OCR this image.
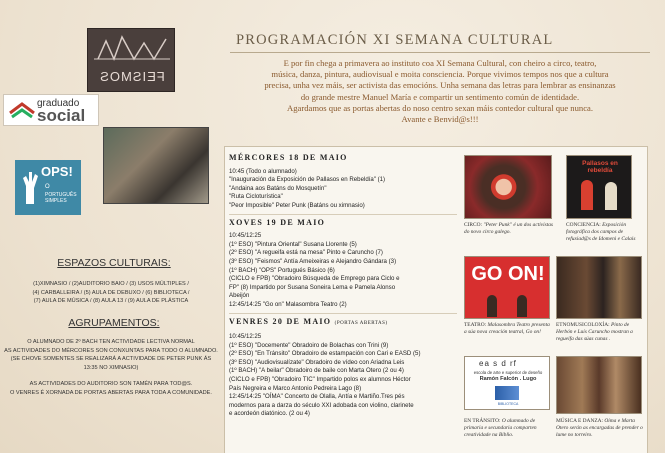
FEISMOS
graduado
social
OPS!
O
PORTUGUÊS
SIMPLES
ESPAZOS CULTURAIS:
(1)XIMNASIO / (2)AUDITORIO BAIO / (3) USOS MÚLTIPLES /
(4) CARBALLEIRA / (5) AULA DE DEBUXO / (6) BIBLIOTECA /
(7) AULA DE MÚSICA / (8) AULA 13 / (9) AULA DE PLÁSTICA
AGRUPAMENTOS:
O ALUMNADO DE 2º BACH TEN ACTIVIDADE LECTIVA NORMAL
AS ACTIVIDADES DO MÉRCORES SON CONXUNTAS PARA TODO O ALUMNADO.
(SE CHOVE SOMENTES SE REALIZARÁ A ACTIVIDADE DE PETER PUNK ÁS 13:35 NO XIMNASIO)
AS ACTIVIDADES DO AUDITORIO SON TAMÉN PARA TOD@S.
O VENRES É XORNADA DE PORTAS ABERTAS PARA TODA A COMUNIDADE.
PROGRAMACIÓN XI SEMANA CULTURAL
E por fin chega a primavera ao instituto coa XI Semana Cultural, con cheiro a circo, teatro,
música, danza, pintura, audiovisual e moita consciencia. Porque vivimos tempos nos que a cultura
precisa, unha vez máis, ser activista das emocións. Unha semana das letras para lembrar as ensinanzas
do grande mestre Manuel María e compartir un sentimento común de identidade.
Agardamos que as portas abertas do noso centro sexan máis contedor cultural que nunca.
Avante e Benvid@s!!!
MÉRCORES 18 DE MAIO
10:45 (Todo o alumnado)
"Inauguración da Exposición de Pallasos en Rebeldía" (1)
"Andaina aos Batáns do Mosquetín"
"Ruta Cicloturística"
"Peor Imposible" Peter Punk (Batáns ou ximnasio)
XOVES 19 DE MAIO
10:45/12:25
(1º ESO) "Pintura Oriental" Susana Llorente (5)
(2º ESO) "A regueifa está na mesa" Pinto e Caruncho (7)
(3º ESO) "Feismos" Antía Ameixeiras e Alejandro Gándara (3)
(1º BACH) "OPS" Portugués Básico (6)
(CICLO e FPB) "Obradoiro Búsqueda de Emprego para Ciclo e
FP" (8) Impartido por Susana Soneira Lema e Pamela Alonso
Abeijón
12:45/14:25 "Go on" Malasombra Teatro (2)
VENRES 20 DE MAIO (PORTAS ABERTAS)
10:45/12:25
(1º ESO) "Docemente" Obradoiro de Bolachas con Trini (9)
(2º ESO) "En Tránsito" Obradoiro de estampación con Cari e EASD (5)
(3º ESO) "Audiovisualízate" Obradoiro de vídeo con Ariadna Leis
(1º BACH) "A beilar" Obradoiro de baile con Marta Otero (2 ou 4)
(CICLO e FPB) "Obradoiro TIC" Impartido polos ex alumnos Héctor
País Negreira e Marco Antonio Pedreira Lago (8)
12:45/14:25 "OÍMA" Concerto de Olalla, Antía e Martiño.Tres pés
modernos para a darza do século XXI adobada con violino, clarinete
e acordeón diatónico. (2 ou 4)
CIRCO: "Peter Punk" é un dos activistas do novo circo galego.
Pallasos en rebeldía
CONCIENCIA: Exposición fotográfica dos campos de refuxiad@s de Idomeni e Calais
GO ON!
TEATRO: Malasombra Teatro presenta a súa nova creación teatral, Go on!
ETNOMUSICOLOXÍA: Pinto de Herbón e Luís Caruncho mostran a regueifa das súas cunas .
ea s d rf
escola de arte e superior de deseño
Ramón Falcón . Lugo
BIBLIOTECA
EN TRÁNSITO: O alumnado de primaria e secundaria comparten creatividade na Biblio.
MÚSICA E DANZA: Oíma e Marta Otero serán as encargadas de prender o lume no torreiro.
